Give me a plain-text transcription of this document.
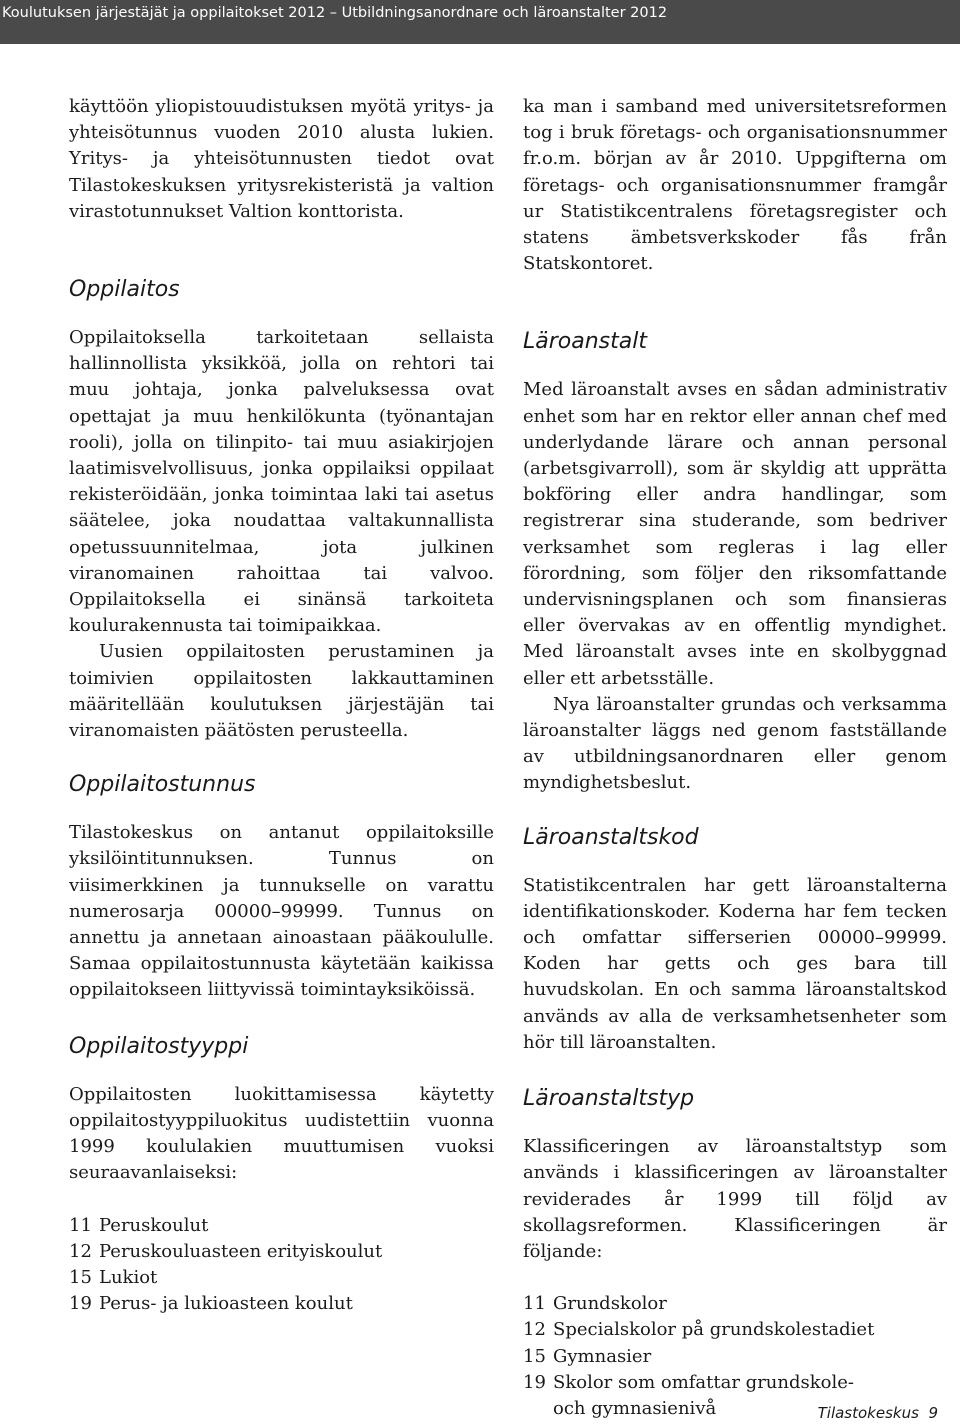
Koulutuksen järjestäjät ja oppilaitokset 2012 – Utbildningsanordnare och läroanstalter 2012

käyttöön yliopistouudistuksen myötä yritys- ja yhteisötunnus vuoden 2010 alusta lukien. Yritys- ja yhteisötunnusten tiedot ovat Tilastokeskuksen yritysrekisteristä ja valtion virastotunnukset Valtion konttorista.

Oppilaitos

Oppilaitoksella tarkoitetaan sellaista hallinnollista yksikköä, jolla on rehtori tai muu johtaja, jonka palveluksessa ovat opettajat ja muu henkilökunta (työnantajan rooli), jolla on tilinpito- tai muu asiakirjojen laatimisvelvollisuus, jonka oppilaiksi oppilaat rekisteröidään, jonka toimintaa laki tai asetus säätelee, joka noudattaa valtakunnallista opetussuunnitelmaa, jota julkinen viranomainen rahoittaa tai valvoo. Oppilaitoksella ei sinänsä tarkoiteta koulurakennusta tai toimipaikkaa.

Uusien oppilaitosten perustaminen ja toimivien oppilaitosten lakkauttaminen määritellään koulutuksen järjestäjän tai viranomaisten päätösten perusteella.

Oppilaitostunnus

Tilastokeskus on antanut oppilaitoksille yksilöintitunnuksen. Tunnus on viisimerkkinen ja tunnukselle on varattu numerosarja 00000–99999. Tunnus on annettu ja annetaan ainoastaan pääkoululle. Samaa oppilaitostunnusta käytetään kaikissa oppilaitokseen liittyvissä toimintayksiköissä.

Oppilaitostyyppi

Oppilaitosten luokittamisessa käytetty oppilaitostyyppiluokitus uudistettiin vuonna 1999 koululakien muuttumisen vuoksi seuraavanlaiseksi:

11 Peruskoulut
12 Peruskouluasteen erityiskoulut
15 Lukiot
19 Perus- ja lukioasteen koulut

ka man i samband med universitetsreformen tog i bruk företags- och organisationsnummer fr.o.m. början av år 2010. Uppgifterna om företags- och organisationsnummer framgår ur Statistikcentralens företagsregister och statens ämbetsverkskoder fås från Statskontoret.

Läroanstalt

Med läroanstalt avses en sådan administrativ enhet som har en rektor eller annan chef med underlydande lärare och annan personal (arbetsgivarroll), som är skyldig att upprätta bokföring eller andra handlingar, som registrerar sina studerande, som bedriver verksamhet som regleras i lag eller förordning, som följer den riksomfattande undervisningsplanen och som finansieras eller övervakas av en offentlig myndighet. Med läroanstalt avses inte en skolbyggnad eller ett arbetsställe.

Nya läroanstalter grundas och verksamma läroanstalter läggs ned genom fastställande av utbildningsanordnaren eller genom myndighetsbeslut.

Läroanstaltskod

Statistikcentralen har gett läroanstalterna identifikationskoder. Koderna har fem tecken och omfattar sifferserien 00000–99999. Koden har getts och ges bara till huvudskolan. En och samma läroanstaltskod används av alla de verksamhetsenheter som hör till läroanstalten.

Läroanstaltstyp

Klassificeringen av läroanstaltstyp som används i klassificeringen av läroanstalter reviderades år 1999 till följd av skollagsreformen. Klassificeringen är följande:

11 Grundskolor
12 Specialskolor på grundskolestadiet
15 Gymnasier
19 Skolor som omfattar grundskole-
och gymnasienivå	Tilastokeskus  9
